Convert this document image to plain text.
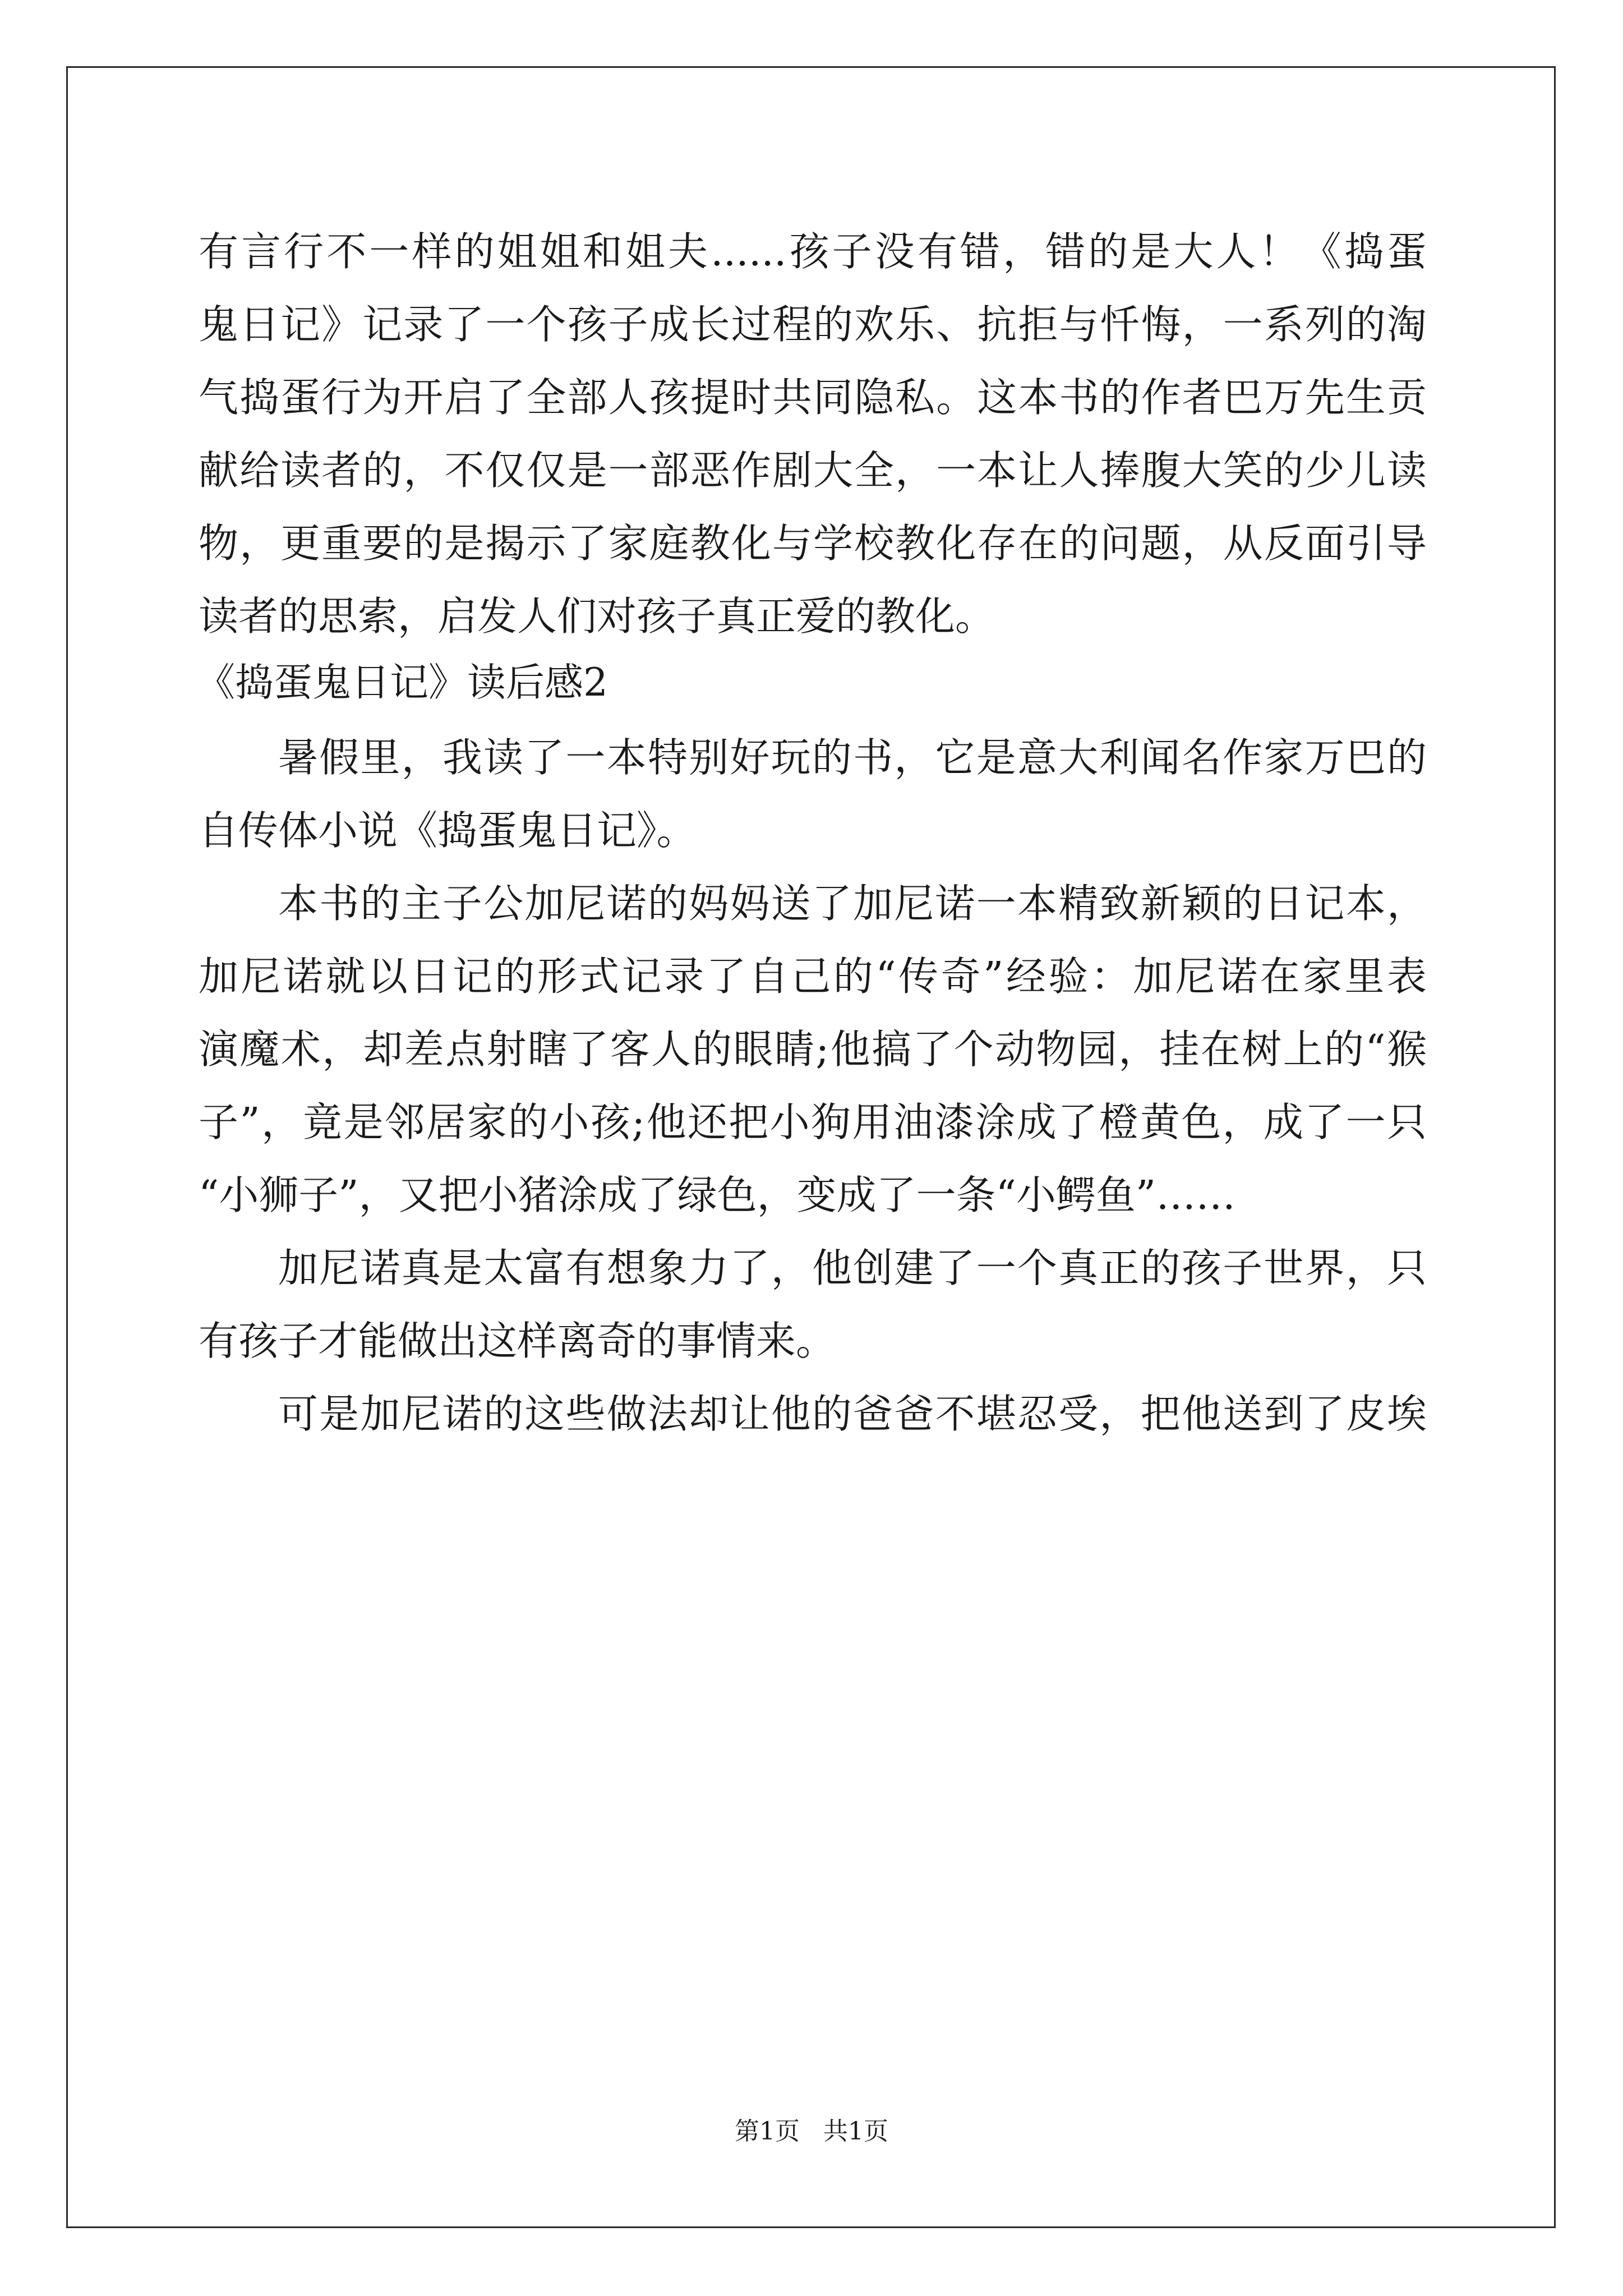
有言行不一样的姐姐和姐夫......孩子没有错，错的是大人！《捣蛋
鬼日记》记录了一个孩子成长过程的欢乐、抗拒与忏悔，一系列的淘
气捣蛋行为开启了全部人孩提时共同隐私。这本书的作者巴万先生贡
献给读者的，不仅仅是一部恶作剧大全，一本让人捧腹大笑的少儿读
物，更重要的是揭示了家庭教化与学校教化存在的问题，从反面引导
读者的思索，启发人们对孩子真正爱的教化。
《捣蛋鬼日记》读后感2
暑假里，我读了一本特别好玩的书，它是意大利闻名作家万巴的
自传体小说《捣蛋鬼日记》。
本书的主子公加尼诺的妈妈送了加尼诺一本精致新颖的日记本，
加尼诺就以日记的形式记录了自己的“传奇”经验：加尼诺在家里表
演魔术，却差点射瞎了客人的眼睛;他搞了个动物园，挂在树上的“猴
子”，竟是邻居家的小孩;他还把小狗用油漆涂成了橙黄色，成了一只
“小狮子”，又把小猪涂成了绿色，变成了一条“小鳄鱼”……
加尼诺真是太富有想象力了，他创建了一个真正的孩子世界，只
有孩子才能做出这样离奇的事情来。
可是加尼诺的这些做法却让他的爸爸不堪忍受，把他送到了皮埃
第1页   共1页
